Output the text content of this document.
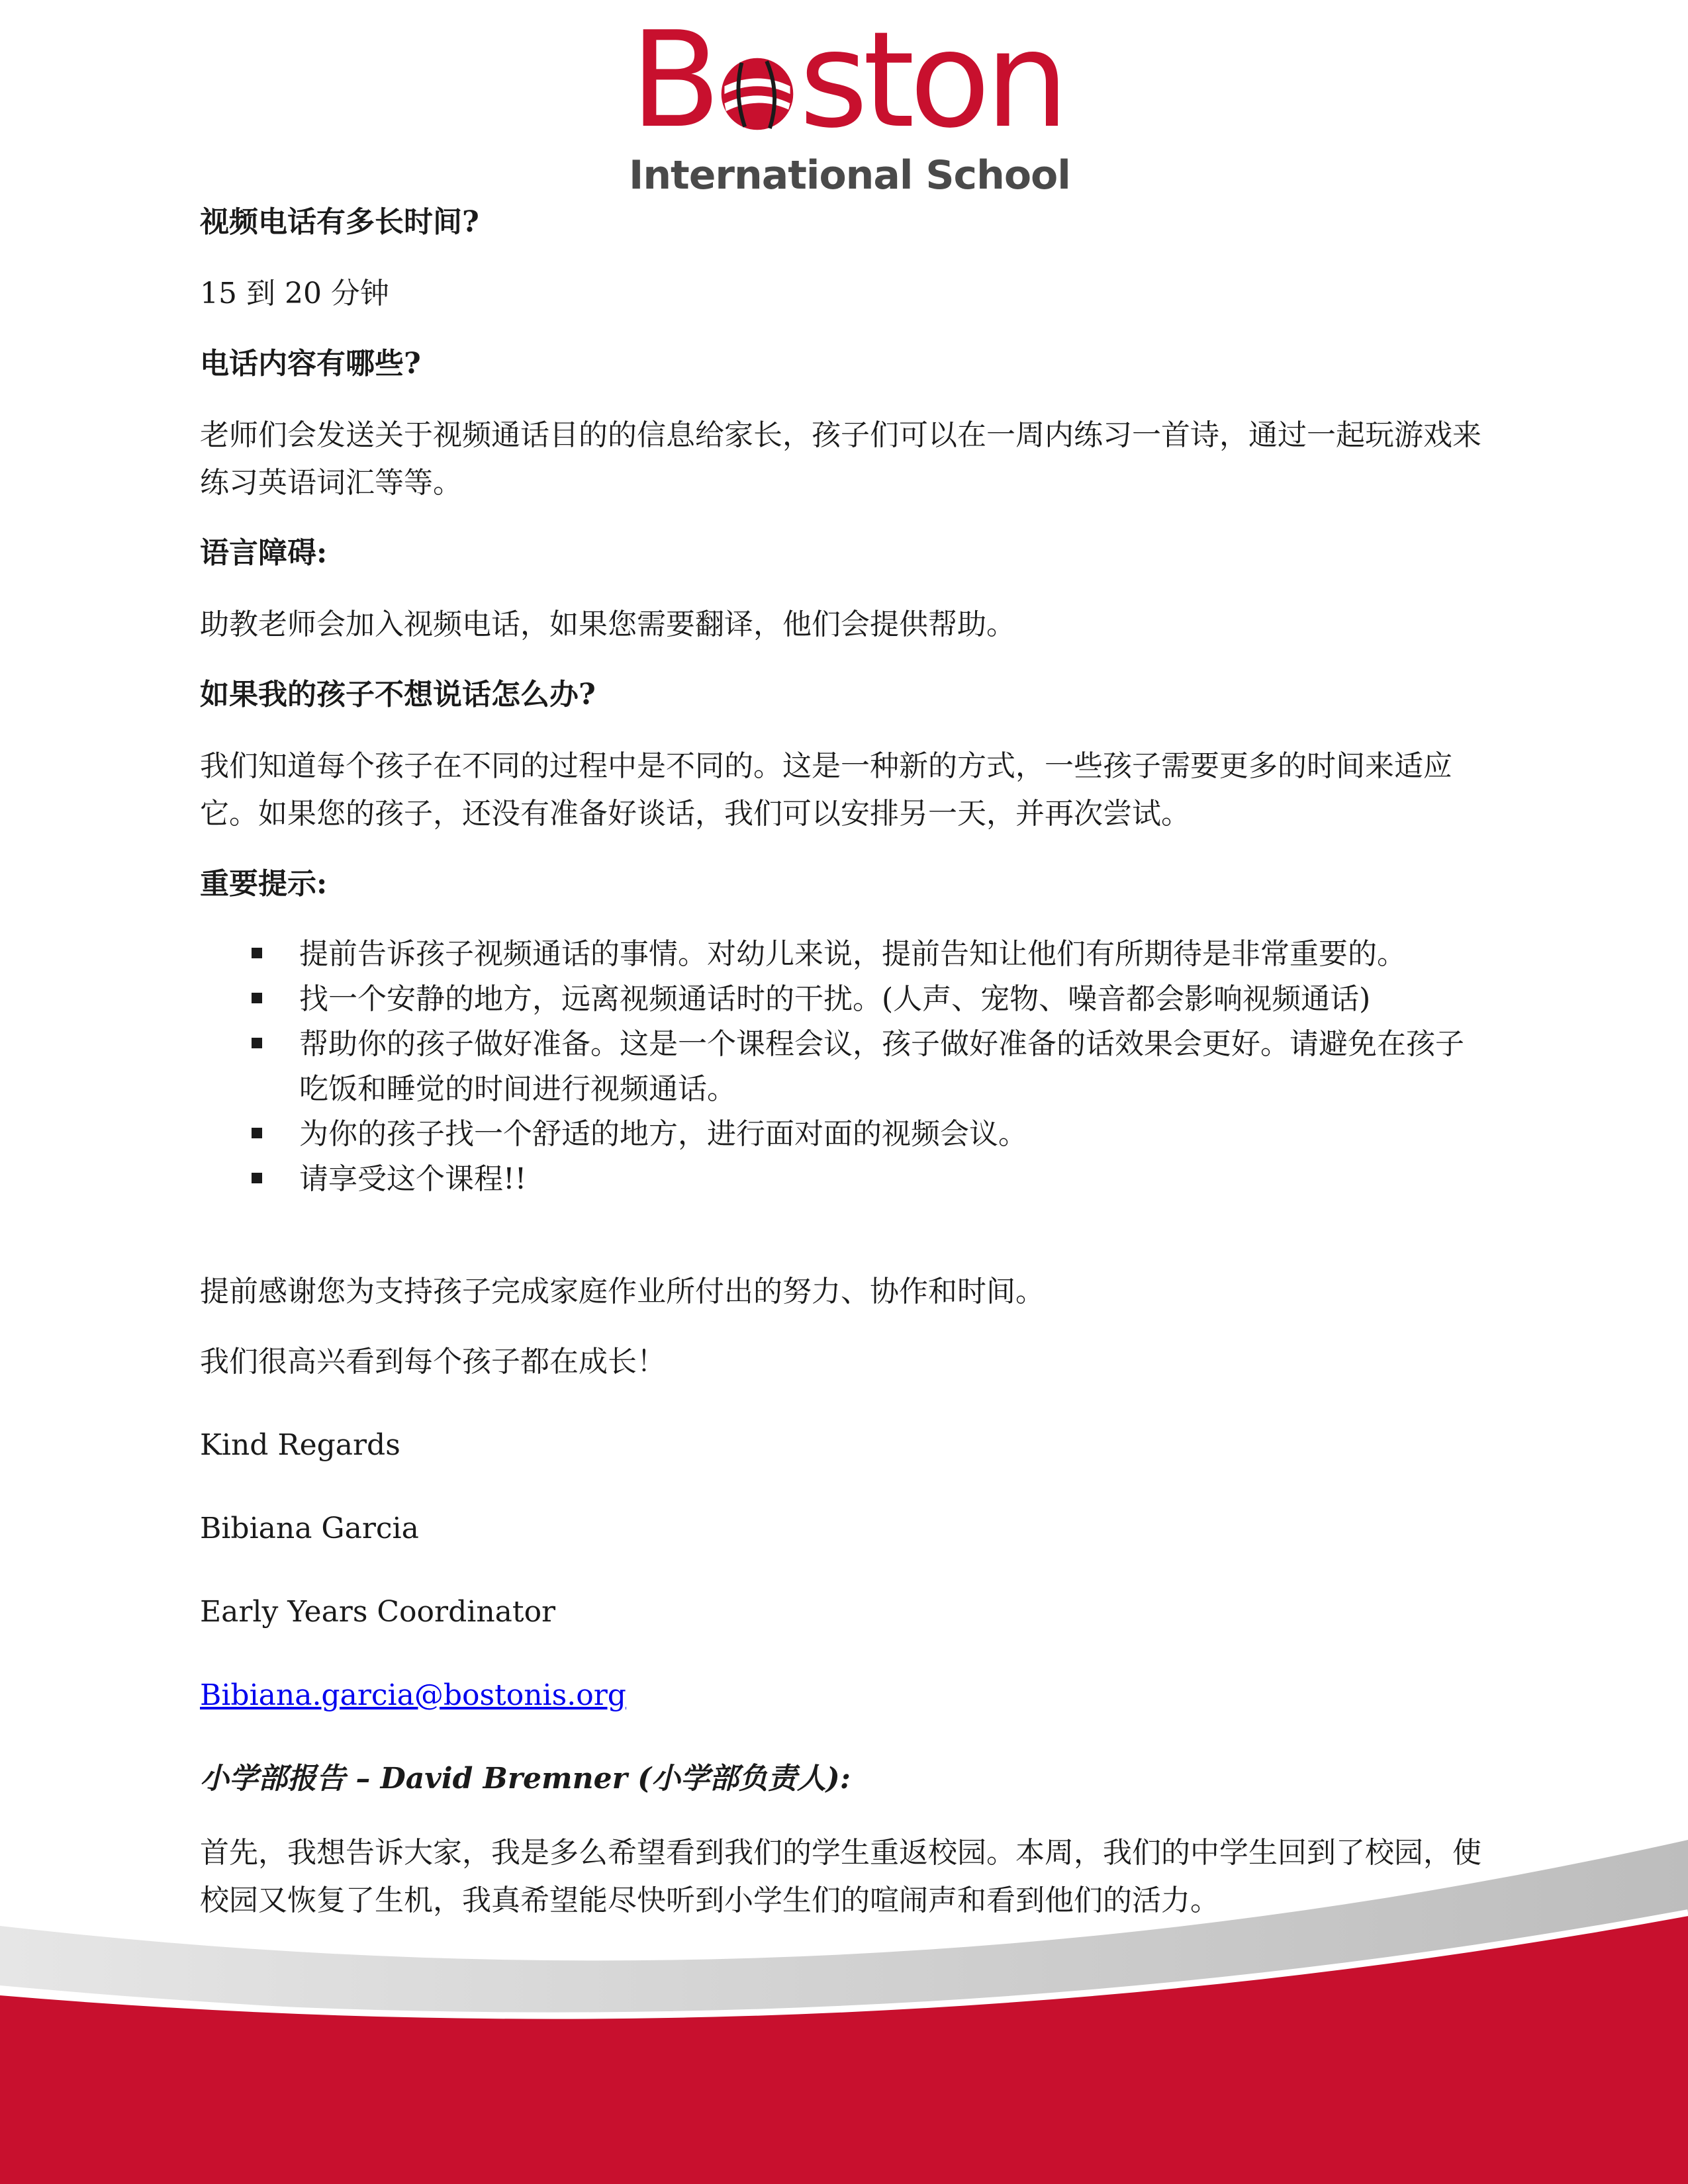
B ston
International School
视频电话有多长时间?

15 到 20 分钟

电话内容有哪些?

老师们会发送关于视频通话目的的信息给家长，孩子们可以在一周内练习一首诗，通过一起玩游戏来练习英语词汇等等。

语言障碍:

助教老师会加入视频电话，如果您需要翻译，他们会提供帮助。

如果我的孩子不想说话怎么办?

我们知道每个孩子在不同的过程中是不同的。这是一种新的方式，一些孩子需要更多的时间来适应它。如果您的孩子，还没有准备好谈话，我们可以安排另一天，并再次尝试。

重要提示:
提前告诉孩子视频通话的事情。对幼儿来说，提前告知让他们有所期待是非常重要的。
找一个安静的地方，远离视频通话时的干扰。(人声、宠物、噪音都会影响视频通话)
帮助你的孩子做好准备。这是一个课程会议，孩子做好准备的话效果会更好。请避免在孩子吃饭和睡觉的时间进行视频通话。
为你的孩子找一个舒适的地方，进行面对面的视频会议。
请享受这个课程!!

提前感谢您为支持孩子完成家庭作业所付出的努力、协作和时间。

我们很高兴看到每个孩子都在成长！

Kind Regards

Bibiana Garcia

Early Years Coordinator

Bibiana.garcia@bostonis.org

小学部报告 – David Bremner (小学部负责人):

首先，我想告诉大家，我是多么希望看到我们的学生重返校园。本周，我们的中学生回到了校园，使校园又恢复了生机，我真希望能尽快听到小学生们的喧闹声和看到他们的活力。
